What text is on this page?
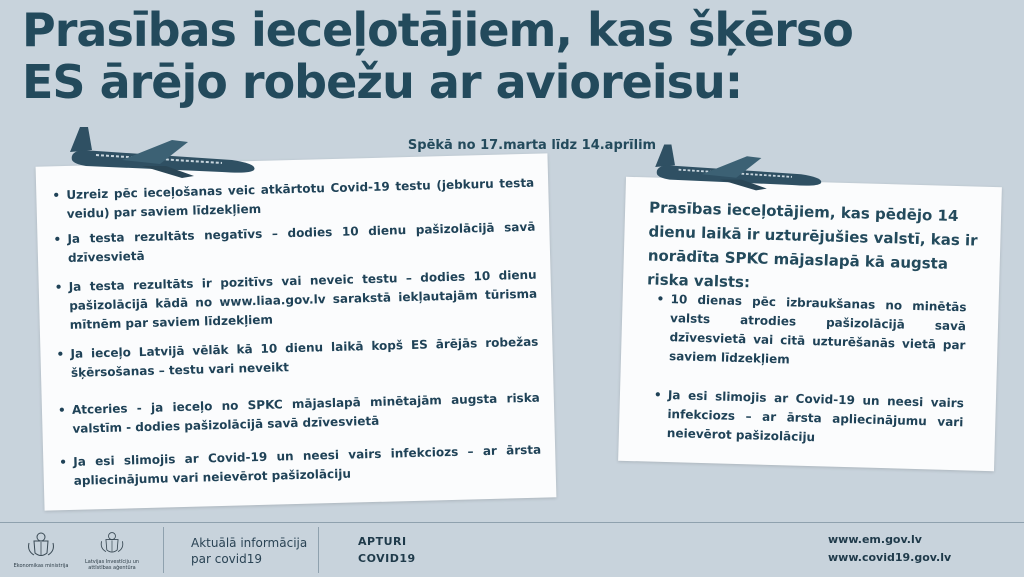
Prasības ieceļotājiem, kas šķērso
ES ārējo robežu ar avioreisu:
Spēkā no 17.marta līdz 14.aprīlim
• Uzreiz pēc ieceļošanas veic atkārtotu Covid-19 testu (jebkuru testa veidu) par saviem līdzekļiem
• Ja testa rezultāts negatīvs – dodies 10 dienu pašizolācijā savā dzīvesvietā
• Ja testa rezultāts ir pozitīvs vai neveic testu – dodies 10 dienu pašizolācijā kādā no www.liaa.gov.lv sarakstā iekļautajām tūrisma mītnēm par saviem līdzekļiem
• Ja ieceļo Latvijā vēlāk kā 10 dienu laikā kopš ES ārējās robežas šķērsošanas – testu vari neveikt
• Atceries - ja ieceļo no SPKC mājaslapā minētajām augsta riska valstīm - dodies pašizolācijā savā dzīvesvietā
• Ja esi slimojis ar Covid-19 un neesi vairs infekciozs – ar ārsta apliecinājumu vari neievērot pašizolāciju
Prasības ieceļotājiem, kas pēdējo 14 dienu laikā ir uzturējušies valstī, kas ir norādīta SPKC mājaslapā kā augsta riska valsts:
• 10 dienas pēc izbraukšanas no minētās valsts atrodies pašizolācijā savā dzīvesvietā vai citā uzturēšanās vietā par saviem līdzekļiem
• Ja esi slimojis ar Covid-19 un neesi vairs infekciozs – ar ārsta apliecinājumu vari neievērot pašizolāciju
Ekonomikas ministrija
Latvijas Investīciju un attīstības aģentūra
Aktuālā informācija
par covid19
APTURI
COVID19
www.em.gov.lv
www.covid19.gov.lv
